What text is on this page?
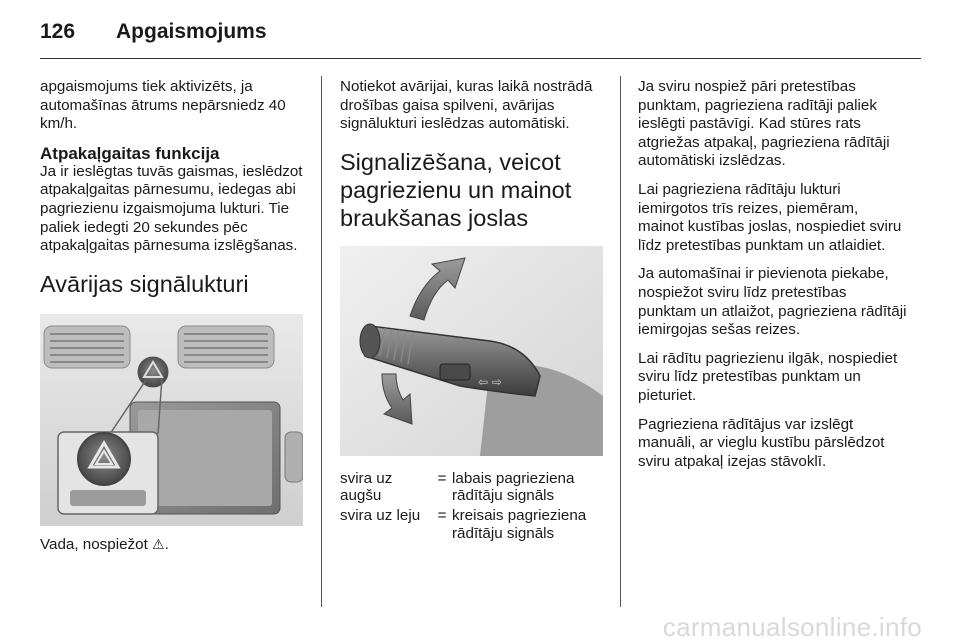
126 Apgaismojums

apgaismojums tiek aktivizēts, ja automašīnas ātrums nepārsniedz 40 km/h.

Atpakaļgaitas funkcija

Ja ir ieslēgtas tuvās gaismas, ieslēdzot atpakaļgaitas pārnesumu, iedegas abi pagriezienu izgaismojuma lukturi. Tie paliek iedegti 20 sekundes pēc atpakaļgaitas pārnesuma izslēgšanas.

Avārijas signālukturi

Vada, nospiežot ⚠.

Notiekot avārijai, kuras laikā nostrādā drošības gaisa spilveni, avārijas signālukturi ieslēdzas automātiski.

Signalizēšana, veicot pagriezienu un mainot braukšanas joslas
⇦ ⇨
svira uz augšu	=	labais pagrieziena rādītāju signāls
svira uz leju	=	kreisais pagrieziena rādītāju signāls

Ja sviru nospiež pāri pretestības punktam, pagrieziena radītāji paliek ieslēgti pastāvīgi. Kad stūres rats atgriežas atpakaļ, pagrieziena rādītāji automātiski izslēdzas.

Lai pagrieziena rādītāju lukturi iemirgotos trīs reizes, piemēram, mainot kustības joslas, nospiediet sviru līdz pretestības punktam un atlaidiet.

Ja automašīnai ir pievienota piekabe, nospiežot sviru līdz pretestības punktam un atlaižot, pagrieziena rādītāji iemirgojas sešas reizes.

Lai rādītu pagriezienu ilgāk, nospiediet sviru līdz pretestības punktam un pieturiet.

Pagrieziena rādītājus var izslēgt manuāli, ar vieglu kustību pārslēdzot sviru atpakaļ izejas stāvoklī.

carmanualsonline.info
